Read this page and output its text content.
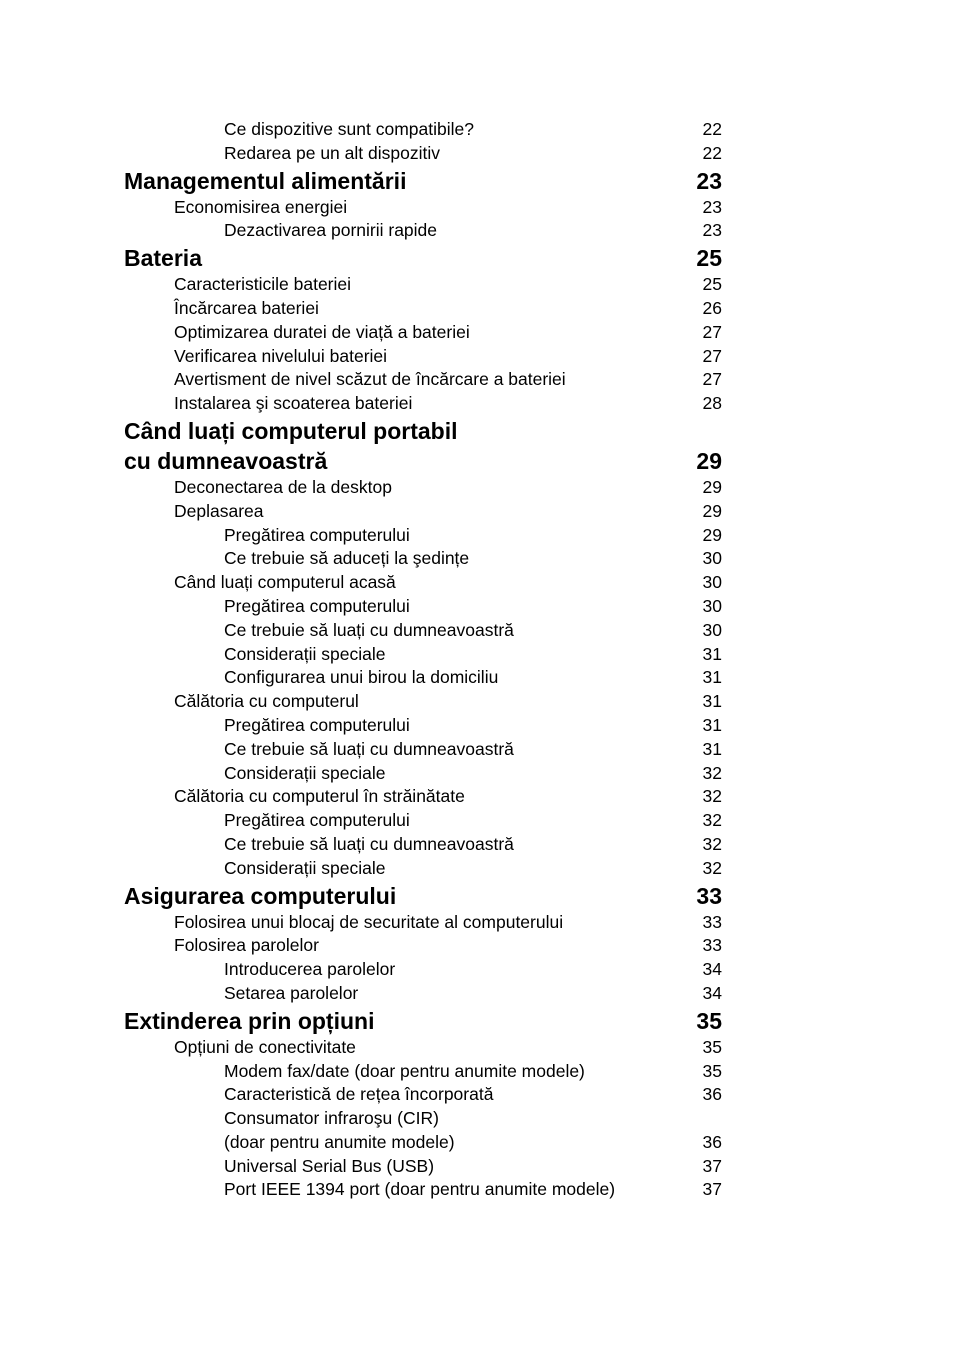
Ce dispozitive sunt compatibile?	22
Redarea pe un alt dispozitiv	22
Managementul alimentării	23
Economisirea energiei	23
Dezactivarea pornirii rapide	23
Bateria	25
Caracteristicile bateriei	25
Încărcarea bateriei	26
Optimizarea duratei de viață a bateriei	27
Verificarea nivelului bateriei	27
Avertisment de nivel scăzut de încărcare a bateriei	27
Instalarea şi scoaterea bateriei	28
Când luați computerul portabil
cu dumneavoastră	29
Deconectarea de la desktop	29
Deplasarea	29
Pregătirea computerului	29
Ce trebuie să aduceți la şedințe	30
Când luați computerul acasă	30
Pregătirea computerului	30
Ce trebuie să luați cu dumneavoastră	30
Considerații speciale	31
Configurarea unui birou la domiciliu	31
Călătoria cu computerul	31
Pregătirea computerului	31
Ce trebuie să luați cu dumneavoastră	31
Considerații speciale	32
Călătoria cu computerul în străinătate	32
Pregătirea computerului	32
Ce trebuie să luați cu dumneavoastră	32
Considerații speciale	32
Asigurarea computerului	33
Folosirea unui blocaj de securitate al computerului	33
Folosirea parolelor	33
Introducerea parolelor	34
Setarea parolelor	34
Extinderea prin opțiuni	35
Opțiuni de conectivitate	35
Modem fax/date (doar pentru anumite modele)	35
Caracteristică de rețea încorporată	36
Consumator infraroşu (CIR)
(doar pentru anumite modele)	36
Universal Serial Bus (USB)	37
Port IEEE 1394 port (doar pentru anumite modele)	37
